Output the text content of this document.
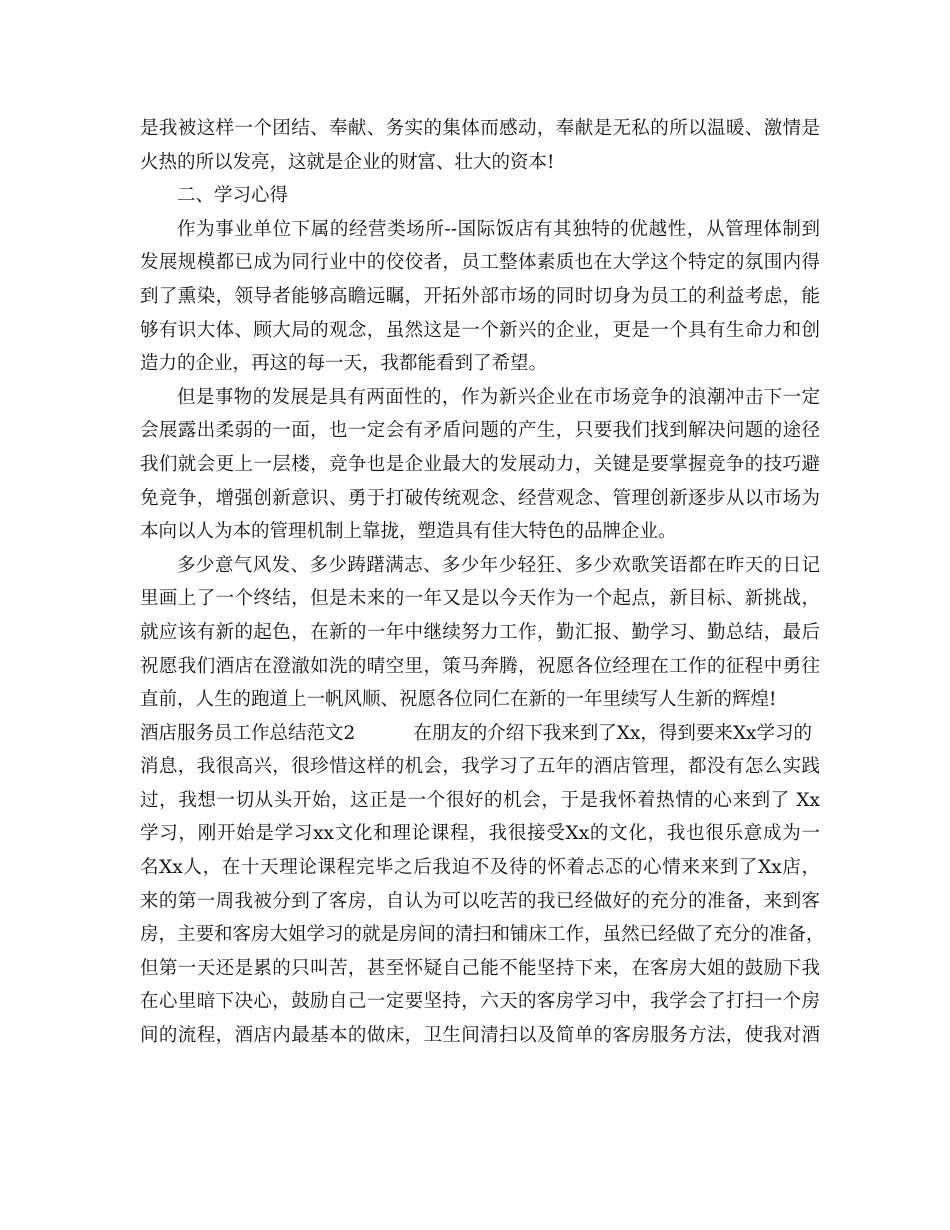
是我被这样一个团结、奉献、务实的集体而感动，奉献是无私的所以温暖、激情是
火热的所以发亮，这就是企业的财富、壮大的资本!
二、学习心得
作为事业单位下属的经营类场所--国际饭店有其独特的优越性，从管理体制到
发展规模都已成为同行业中的佼佼者，员工整体素质也在大学这个特定的氛围内得
到了熏染，领导者能够高瞻远瞩，开拓外部市场的同时切身为员工的利益考虑，能
够有识大体、顾大局的观念，虽然这是一个新兴的企业，更是一个具有生命力和创
造力的企业，再这的每一天，我都能看到了希望。
但是事物的发展是具有两面性的，作为新兴企业在市场竞争的浪潮冲击下一定
会展露出柔弱的一面，也一定会有矛盾问题的产生，只要我们找到解决问题的途径
我们就会更上一层楼，竞争也是企业最大的发展动力，关键是要掌握竞争的技巧避
免竞争，增强创新意识、勇于打破传统观念、经营观念、管理创新逐步从以市场为
本向以人为本的管理机制上靠拢，塑造具有佳大特色的品牌企业。
多少意气风发、多少踌躇满志、多少年少轻狂、多少欢歌笑语都在昨天的日记
里画上了一个终结，但是未来的一年又是以今天作为一个起点，新目标、新挑战，
就应该有新的起色，在新的一年中继续努力工作，勤汇报、勤学习、勤总结，最后
祝愿我们酒店在澄澈如洗的晴空里，策马奔腾，祝愿各位经理在工作的征程中勇往
直前，人生的跑道上一帆风顺、祝愿各位同仁在新的一年里续写人生新的辉煌!
酒店服务员工作总结范文2	在朋友的介绍下我来到了Xx，得到要来Xx学习的
消息，我很高兴，很珍惜这样的机会，我学习了五年的酒店管理，都没有怎么实践
过，我想一切从头开始，这正是一个很好的机会，于是我怀着热情的心来到了 Xx
学习，刚开始是学习xx文化和理论课程，我很接受Xx的文化，我也很乐意成为一
名Xx人，在十天理论课程完毕之后我迫不及待的怀着忐忑的心情来来到了Xx店，
来的第一周我被分到了客房，自认为可以吃苦的我已经做好的充分的准备，来到客
房，主要和客房大姐学习的就是房间的清扫和铺床工作，虽然已经做了充分的准备，
但第一天还是累的只叫苦，甚至怀疑自己能不能坚持下来，在客房大姐的鼓励下我
在心里暗下决心，鼓励自己一定要坚持，六天的客房学习中，我学会了打扫一个房
间的流程，酒店内最基本的做床，卫生间清扫以及简单的客房服务方法，使我对酒
